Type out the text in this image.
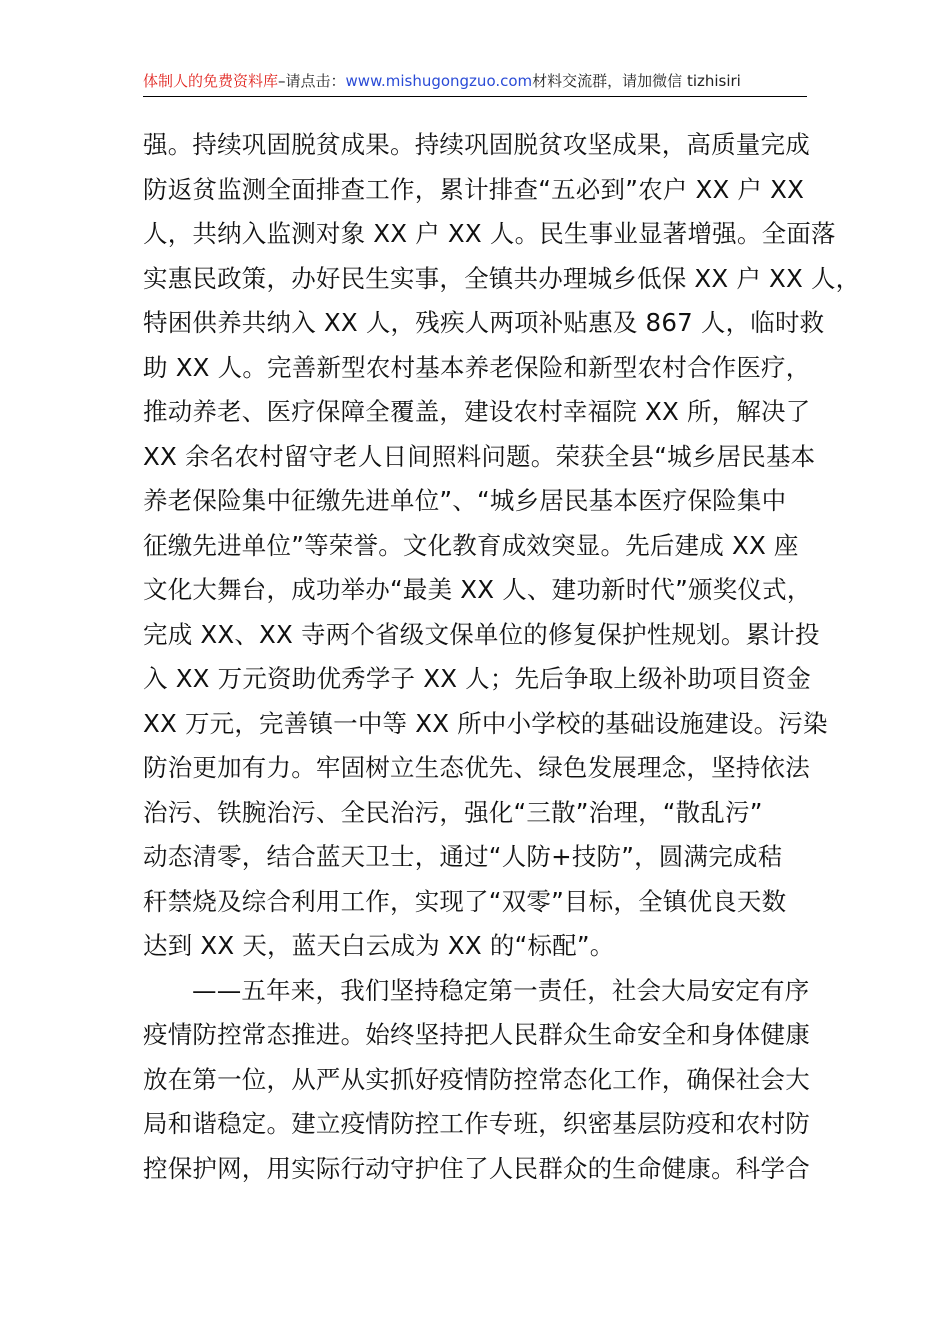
体制人的免费资料库–请点击：www.mishugongzuo.com材料交流群，请加微信 tizhisiri
强。持续巩固脱贫成果。持续巩固脱贫攻坚成果，高质量完成
防返贫监测全面排查工作，累计排查“五必到”农户 XX 户 XX
人，共纳入监测对象 XX 户 XX 人。民生事业显著增强。全面落
实惠民政策，办好民生实事，全镇共办理城乡低保 XX 户 XX 人，
特困供养共纳入 XX 人，残疾人两项补贴惠及 867 人，临时救
助 XX 人。完善新型农村基本养老保险和新型农村合作医疗，
推动养老、医疗保障全覆盖，建设农村幸福院 XX 所，解决了
XX 余名农村留守老人日间照料问题。荣获全县“城乡居民基本
养老保险集中征缴先进单位”、“城乡居民基本医疗保险集中
征缴先进单位”等荣誉。文化教育成效突显。先后建成 XX 座
文化大舞台，成功举办“最美 XX 人、建功新时代”颁奖仪式，
完成 XX、XX 寺两个省级文保单位的修复保护性规划。累计投
入 XX 万元资助优秀学子 XX 人；先后争取上级补助项目资金
XX 万元，完善镇一中等 XX 所中小学校的基础设施建设。污染
防治更加有力。牢固树立生态优先、绿色发展理念，坚持依法
治污、铁腕治污、全民治污，强化“三散”治理，“散乱污”
动态清零，结合蓝天卫士，通过“人防+技防”，圆满完成秸
秆禁烧及综合利用工作，实现了“双零”目标，全镇优良天数
达到 XX 天，蓝天白云成为 XX 的“标配”。
——五年来，我们坚持稳定第一责任，社会大局安定有序
疫情防控常态推进。始终坚持把人民群众生命安全和身体健康
放在第一位，从严从实抓好疫情防控常态化工作，确保社会大
局和谐稳定。建立疫情防控工作专班，织密基层防疫和农村防
控保护网，用实际行动守护住了人民群众的生命健康。科学合
